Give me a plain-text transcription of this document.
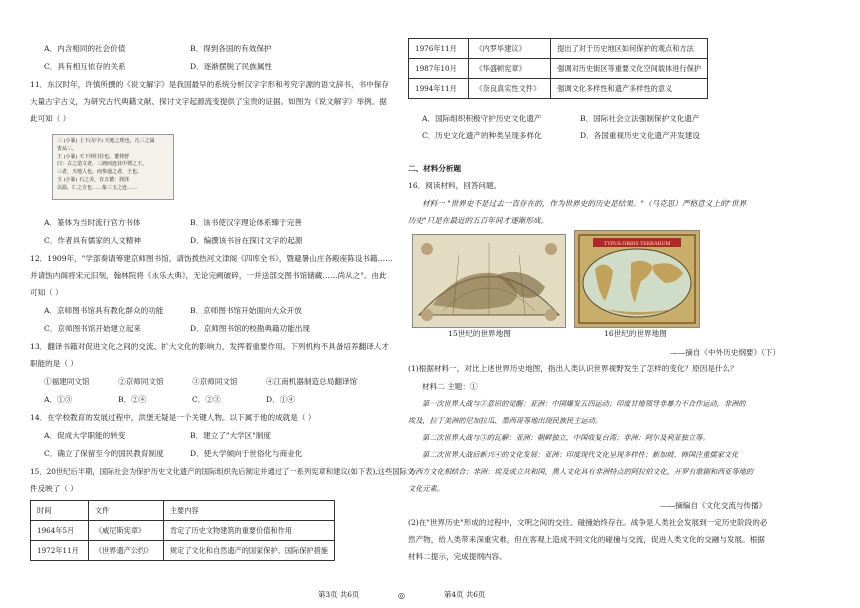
A．内含相同的社会价值	B．得到各国的有效保护
C．具有相互依存的关系	D．逐渐摆脱了民族属性
11．东汉时年，许慎所撰的《说文解字》是我国最早的系统分析汉字字形和考究字源的语文辞书，书中保存
大量古字古义，为研究古代典籍文献、探讨文字起源流变提供了宝贵的证据。如图为《说文解字》举例。据
此可知（ ）
三 (小篆) 上下(尔字) 天地之理也，凡三之属
皆从三。
王 (小篆) 天下所归往也。董仲舒
曰：古之造文者，三画而连其中谓之王。
三者，天地人也，而参通之者，王也。
玉 (小篆) 石之美，有五德：润泽
以温，仁之方也……象三玉之连……
A．篆体为当时流行官方书体	B．该书使汉字理论体系臻于完善
C．作者具有儒家的人文精神	D．编撰该书旨在探讨文字的起源
12．1909年，"学部奏请筹建京师图书馆，请饬拨热河文津阁《四库全书》，暨避暑山庄各殿座陈设书籍……
并请饬内阁将宋元旧刻，翰林院将《永乐大典》，无论完阙破碎，一并送部交图书馆储藏……尚从之"。由此
可知（ ）
A．京师图书馆具有教化群众的功能	B．京师图书馆开始面向大众开放
C．京师图书馆开始建立起来	D．京师图书馆的校勘典籍功能出现
13．翻译书籍对促进文化之间的交流、扩大文化的影响力，发挥着重要作用。下列机构不具备培养翻译人才
职能的是（ ）
①福建同文馆	②京师同文馆	③京师同文馆	④江南机器制造总局翻译馆
A．①③	B．②④	C．②③	D．①④
14．在学校教育的发展过程中，洪堡无疑是一个关键人物。以下属于他的成就是（ ）
A．促成大学职能的转变	B．建立了"大学区"制度
C．确立了保留至今的国民教育制度	D．使大学倾向于世俗化与商业化
15．20世纪后半期，国际社会为保护历史文化遗产的国际组织先后制定并通过了一系列宪章和建议(如下表),这些国际文
件反映了（ ）
时间	文件	主要内容
1964年5月	《威尼斯宪章》	肯定了历史文物建筑的重要价值和作用
1972年11月	《世界遗产公约》	规定了文化和自然遗产的国家保护、国际保护措施
第3页 共6页	◎
1976年11月	《内罗毕建议》	提出了对于历史地区如何保护的观点和方法
1987年10月	《华盛顿宪章》	强调对历史街区等重要文化空间载体进行保护
1994年11月	《奈良真实性文件》	强调文化多样性和遗产多样性的意义
A．国际组织积极守护历史文化遗产	B．国际社会立法强制保护文化遗产
C．历史文化遗产的种类呈现多样化	D．各国重视历史文化遗产开发建设
二、材料分析题
16．阅读材料，回答问题。
材料一 "世界史不是过去一直存在的，作为世界史的历史是结果。"（马克思）严格意义上的"世界
历史"只是在最近的五百年间才逐渐形成。
TYPUS ORBIS TERRARUM
15世纪的世界地图	16世纪的世界地图
——摘自《中外历史纲要》（下）
(1)根据材料一，对比上述世界历史地图，指出人类认识世界视野发生了怎样的变化？原因是什么？
材料二 主题：①
第一次世界大战与②意识的觉醒：亚洲：中国爆发五四运动；印度甘地领导非暴力不合作运动，非洲的
埃及，拉丁美洲的尼加拉瓜、墨西哥等地出现民族民主运动。
第二次世界大战与③的瓦解：亚洲：朝鲜独立，中国收复台湾；非洲：阿尔及利亚独立等。
第二次世界大战后新兴④的文化发展：亚洲：印度现代文化呈现多样性；新加坡、韩国注重儒家文化
为西方文化相结合；非洲：埃及成立共和国，黑人文化具有非洲特点的阿拉伯文化，开罗有歌剧和西亚等地的
文化元素。
——摘编自《文化交流与传播》
(2)在"世界历史"形成的过程中，文明之间的交往、碰撞始终存在。战争是人类社会发展到一定历史阶段的必
然产物，给人类带来深重灾难，但在客观上造成不同文化的碰撞与交流，促进人类文化的交融与发展。根据
材料二提示，完成提纲内容。
第4页 共6页
